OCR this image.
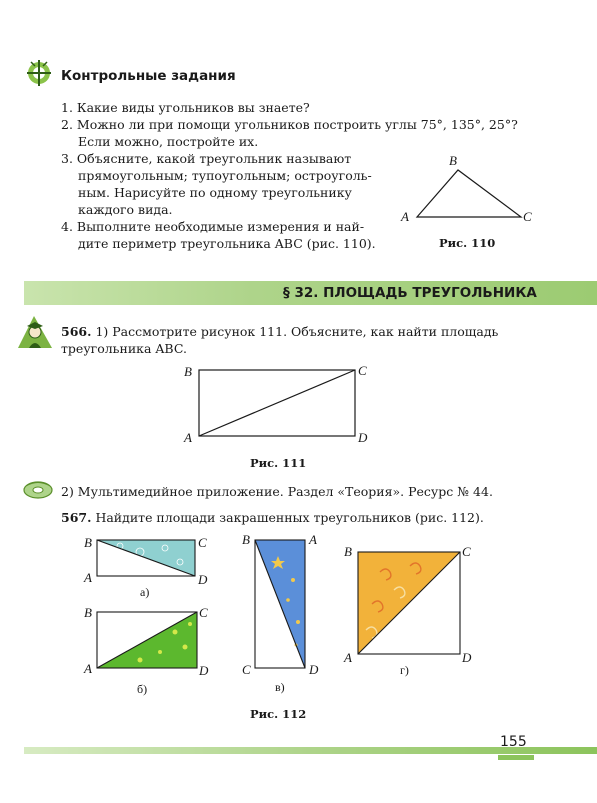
Контрольные задания
1. Какие виды угольников вы знаете?
2. Можно ли при помощи угольников построить углы 75°, 135°, 25°?
Если можно, постройте их.
3. Объясните, какой треугольник называют
прямоугольным; тупоугольным; остроуголь-
ным. Нарисуйте по одному треугольнику
каждого вида.
4. Выполните необходимые измерения и най-
дите периметр треугольника ABC (рис. 110).
B
A	C
Рис. 110
§ 32. ПЛОЩАДЬ ТРЕУГОЛЬНИКА
566. 1) Рассмотрите рисунок 111. Объясните, как найти площадь
треугольника ABC.
B	C
A	D
Рис. 111
2) Мультимедийное приложение. Раздел «Теория». Ресурс № 44.
567. Найдите площади закрашенных треугольников (рис. 112).
B	C
A	D
а)
B	C
A	D
б)
B	A
C	D
в)
B	C
A	D
г)
Рис. 112
155
